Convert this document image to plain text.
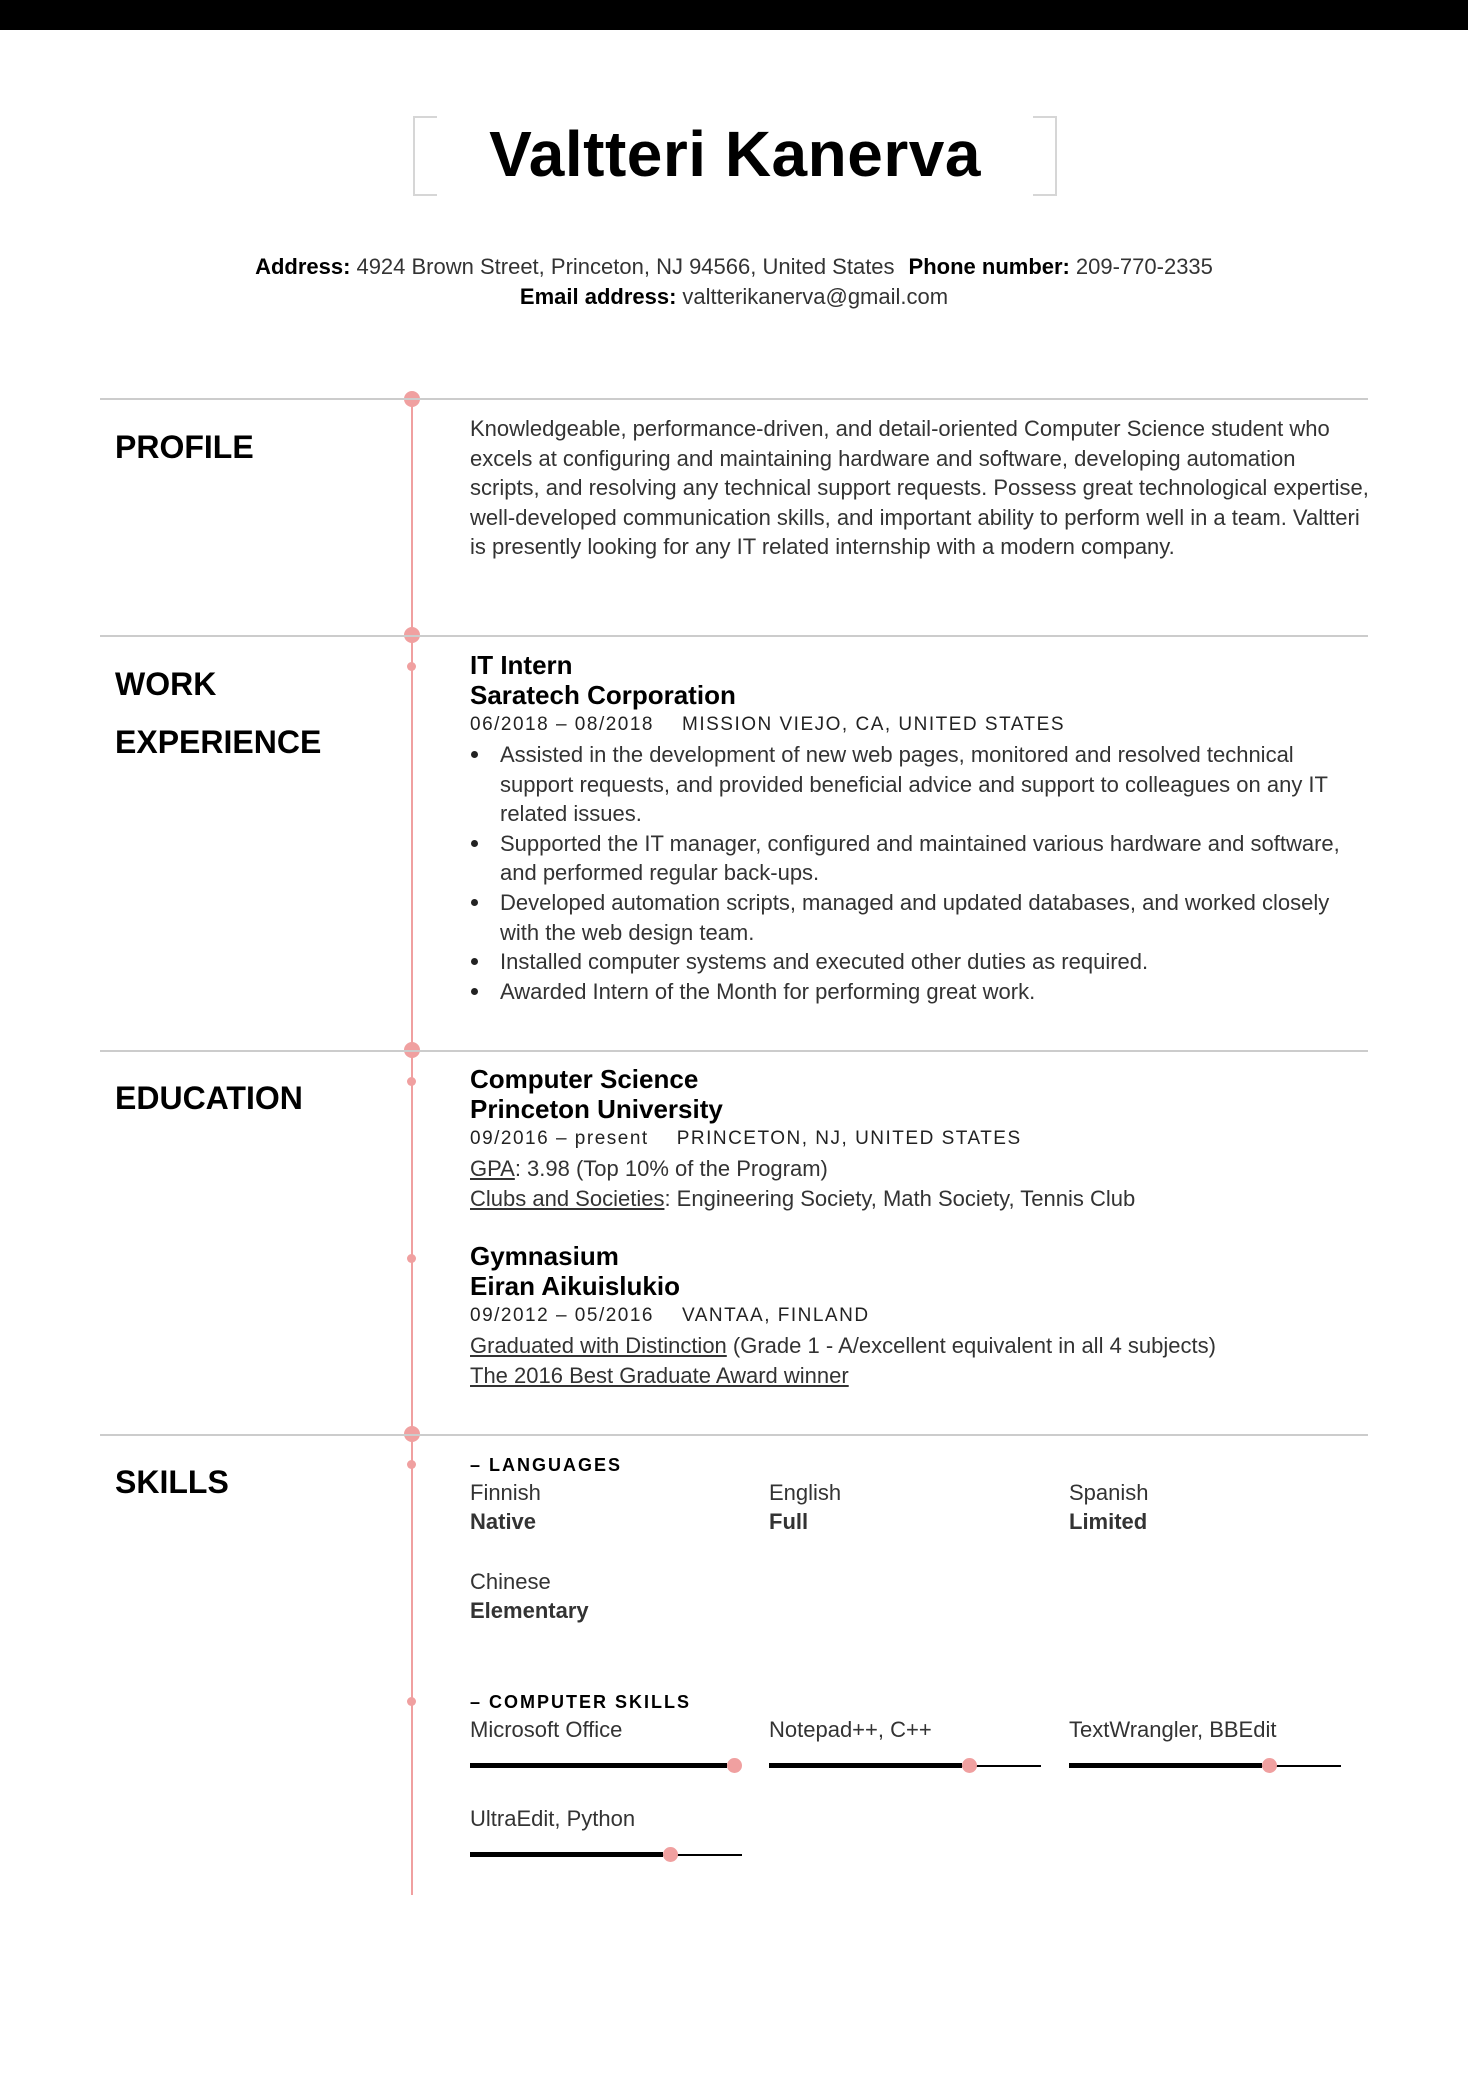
Valtteri Kanerva
Address: 4924 Brown Street, Princeton, NJ 94566, United States Phone number: 209-770-2335
Email address: valtterikanerva@gmail.com
PROFILE
Knowledgeable, performance-driven, and detail-oriented Computer Science student who excels at configuring and maintaining hardware and software, developing automation scripts, and resolving any technical support requests. Possess great technological expertise, well-developed communication skills, and important ability to perform well in a team. Valtteri is presently looking for any IT related internship with a modern company.
WORK
EXPERIENCE
IT Intern
Saratech Corporation
06/2018 – 08/2018 MISSION VIEJO, CA, UNITED STATES
Assisted in the development of new web pages, monitored and resolved technical support requests, and provided beneficial advice and support to colleagues on any IT related issues.
Supported the IT manager, configured and maintained various hardware and software, and performed regular back-ups.
Developed automation scripts, managed and updated databases, and worked closely with the web design team.
Installed computer systems and executed other duties as required.
Awarded Intern of the Month for performing great work.
EDUCATION
Computer Science
Princeton University
09/2016 – present PRINCETON, NJ, UNITED STATES
GPA: 3.98 (Top 10% of the Program)
Clubs and Societies: Engineering Society, Math Society, Tennis Club
Gymnasium
Eiran Aikuislukio
09/2012 – 05/2016 VANTAA, FINLAND
Graduated with Distinction (Grade 1 - A/excellent equivalent in all 4 subjects)
The 2016 Best Graduate Award winner
SKILLS	– LANGUAGES
Finnish
Native
English
Full
Spanish
Limited
Chinese
Elementary
– COMPUTER SKILLS
Microsoft Office	Notepad++, C++	TextWrangler, BBEdit
UltraEdit, Python
